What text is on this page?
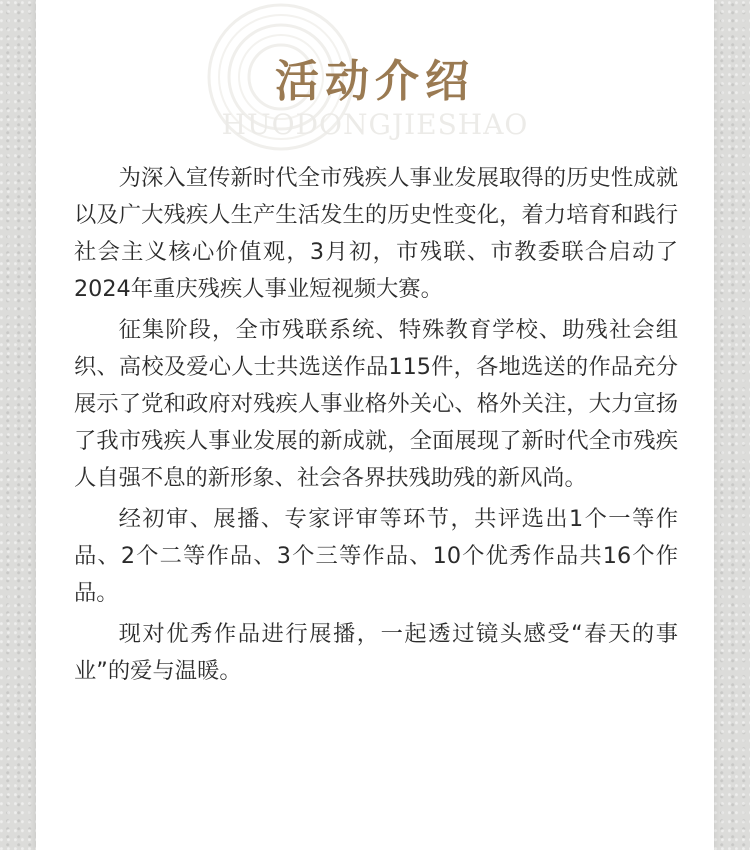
HUODONGJIESHAO
活动介绍

为深入宣传新时代全市残疾人事业发展取得的历史性成就以及广大残疾人生产生活发生的历史性变化，着力培育和践行社会主义核心价值观，3月初，市残联、市教委联合启动了2024年重庆残疾人事业短视频大赛。

征集阶段，全市残联系统、特殊教育学校、助残社会组织、高校及爱心人士共选送作品115件，各地选送的作品充分展示了党和政府对残疾人事业格外关心、格外关注，大力宣扬了我市残疾人事业发展的新成就，全面展现了新时代全市残疾人自强不息的新形象、社会各界扶残助残的新风尚。

经初审、展播、专家评审等环节，共评选出1个一等作品、2个二等作品、3个三等作品、10个优秀作品共16个作品。

现对优秀作品进行展播，一起透过镜头感受“春天的事业”的爱与温暖。
